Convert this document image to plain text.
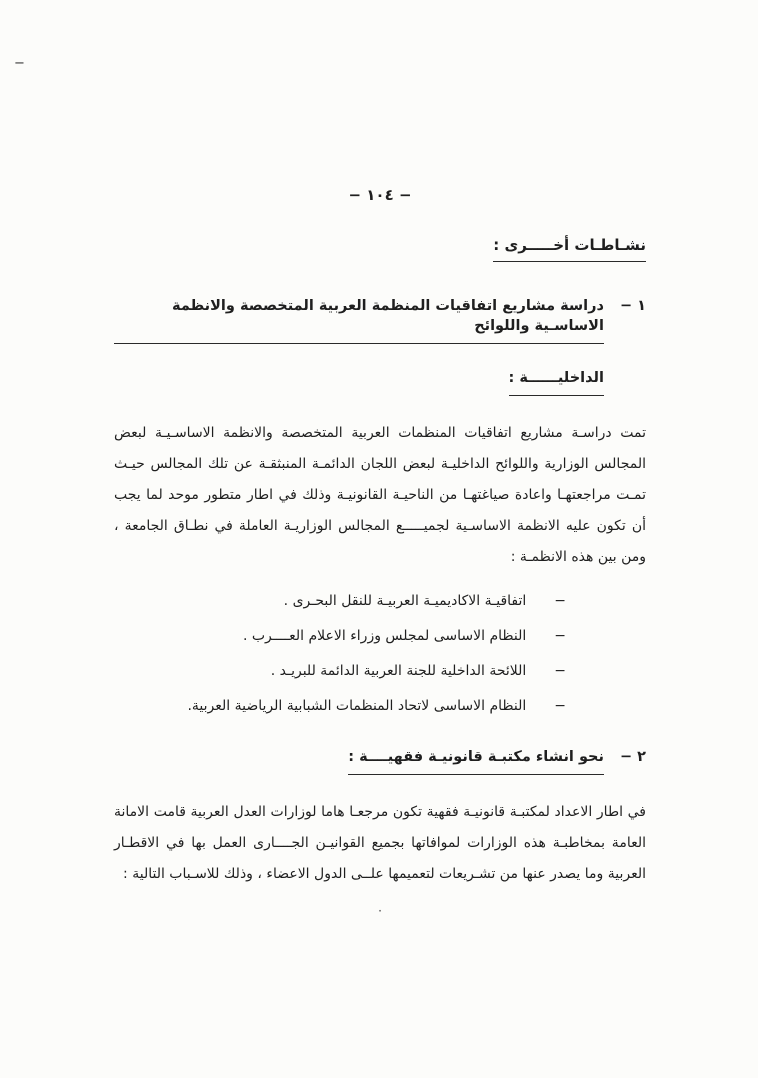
−
− ١٠٤ −
نشـاطـات أخـــــرى :
١ −
دراسة مشاريع اتفاقيات المنظمة العربية المتخصصة والانظمة الاساسـية واللوائح
الداخليــــــة :

تمت دراسـة مشاريع اتفاقيات المنظمات العربية المتخصصة والانظمة الاساسـيـة لبعض المجالس الوزارية واللوائح الداخليـة لبعض اللجان الدائمـة المنبثقـة عن تلك المجالس حيـث تمـت مراجعتهـا واعادة صياغتهـا من الناحيـة القانونيـة وذلك في اطار متطور موحد لما يجب أن تكون عليه الانظمة الاساسـية لجميـــــع المجالس الوزاريـة العاملة في نطـاق الجامعة ، ومن بين هذه الانظمـة :

−
اتفاقيـة الاكاديميـة العربيـة للنقل البحـرى .
−
النظام الاساسى لمجلس وزراء الاعلام العــــرب .
−
اللائحة الداخلية للجنة العربية الدائمة للبريـد .
−
النظام الاساسى لاتحاد المنظمات الشبابية الرياضية العربية.
٢ −
نحو انشاء مكتبـة قانونيـة فقهيــــة :

في اطار الاعداد لمكتبـة قانونيـة فقهية تكون مرجعـا هاما لوزارات العدل العربية قامت الامانة العامة بمخاطبـة هذه الوزارات لموافاتها بجميع القوانيـن الجــــارى العمل بها في الاقطـار العربية وما يصدر عنها من تشـريعات لتعميمها علــى الدول الاعضاء ، وذلك للاسـباب التالية :

·
